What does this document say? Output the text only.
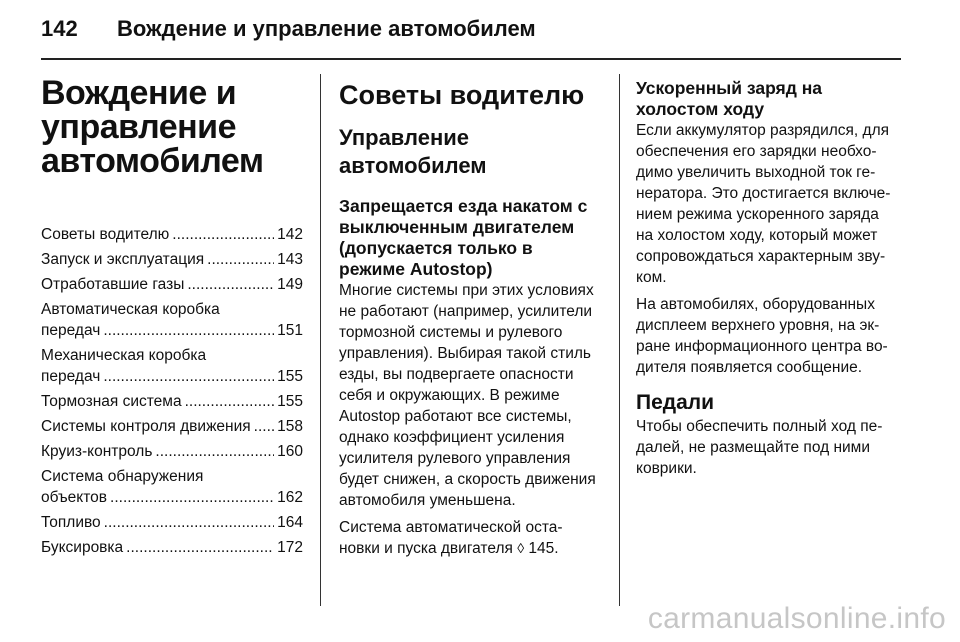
142	Вождение и управление автомобилем
Вождение и
управление
автомобилем
Советы водителю .....	142
Запуск и эксплуатация .....	143
Отработавшие газы .....	149
Автоматическая коробка
передач .....	151
Механическая коробка
передач .....	155
Тормозная система .....	155
Системы контроля движения ..... 158
Круиз-контроль .....	160
Система обнаружения
объектов .....	162
Топливо .....	164
Буксировка .....	172
Советы водителю
Управление
автомобилем
Запрещается езда накатом с
выключенным двигателем
(допускается только в
режиме Autostop)

Многие системы при этих условиях
не работают (например, усилители
тормозной системы и рулевого
управления). Выбирая такой стиль
езды, вы подвергаете опасности
себя и окружающих. В режиме
Autostop работают все системы,
однако коэффициент усиления
усилителя рулевого управления
будет снижен, а скорость движения
автомобиля уменьшена.

Система автоматической оста-
новки и пуска двигателя ◊ 145.

Ускоренный заряд на
холостом ходу

Если аккумулятор разрядился, для
обеспечения его зарядки необхо-
димо увеличить выходной ток ге-
нератора. Это достигается включе-
нием режима ускоренного заряда
на холостом ходу, который может
сопровождаться характерным зву-
ком.

На автомобилях, оборудованных
дисплеем верхнего уровня, на эк-
ране информационного центра во-
дителя появляется сообщение.

Педали

Чтобы обеспечить полный ход пе-
далей, не размещайте под ними
коврики.

carmanualsonline.info
